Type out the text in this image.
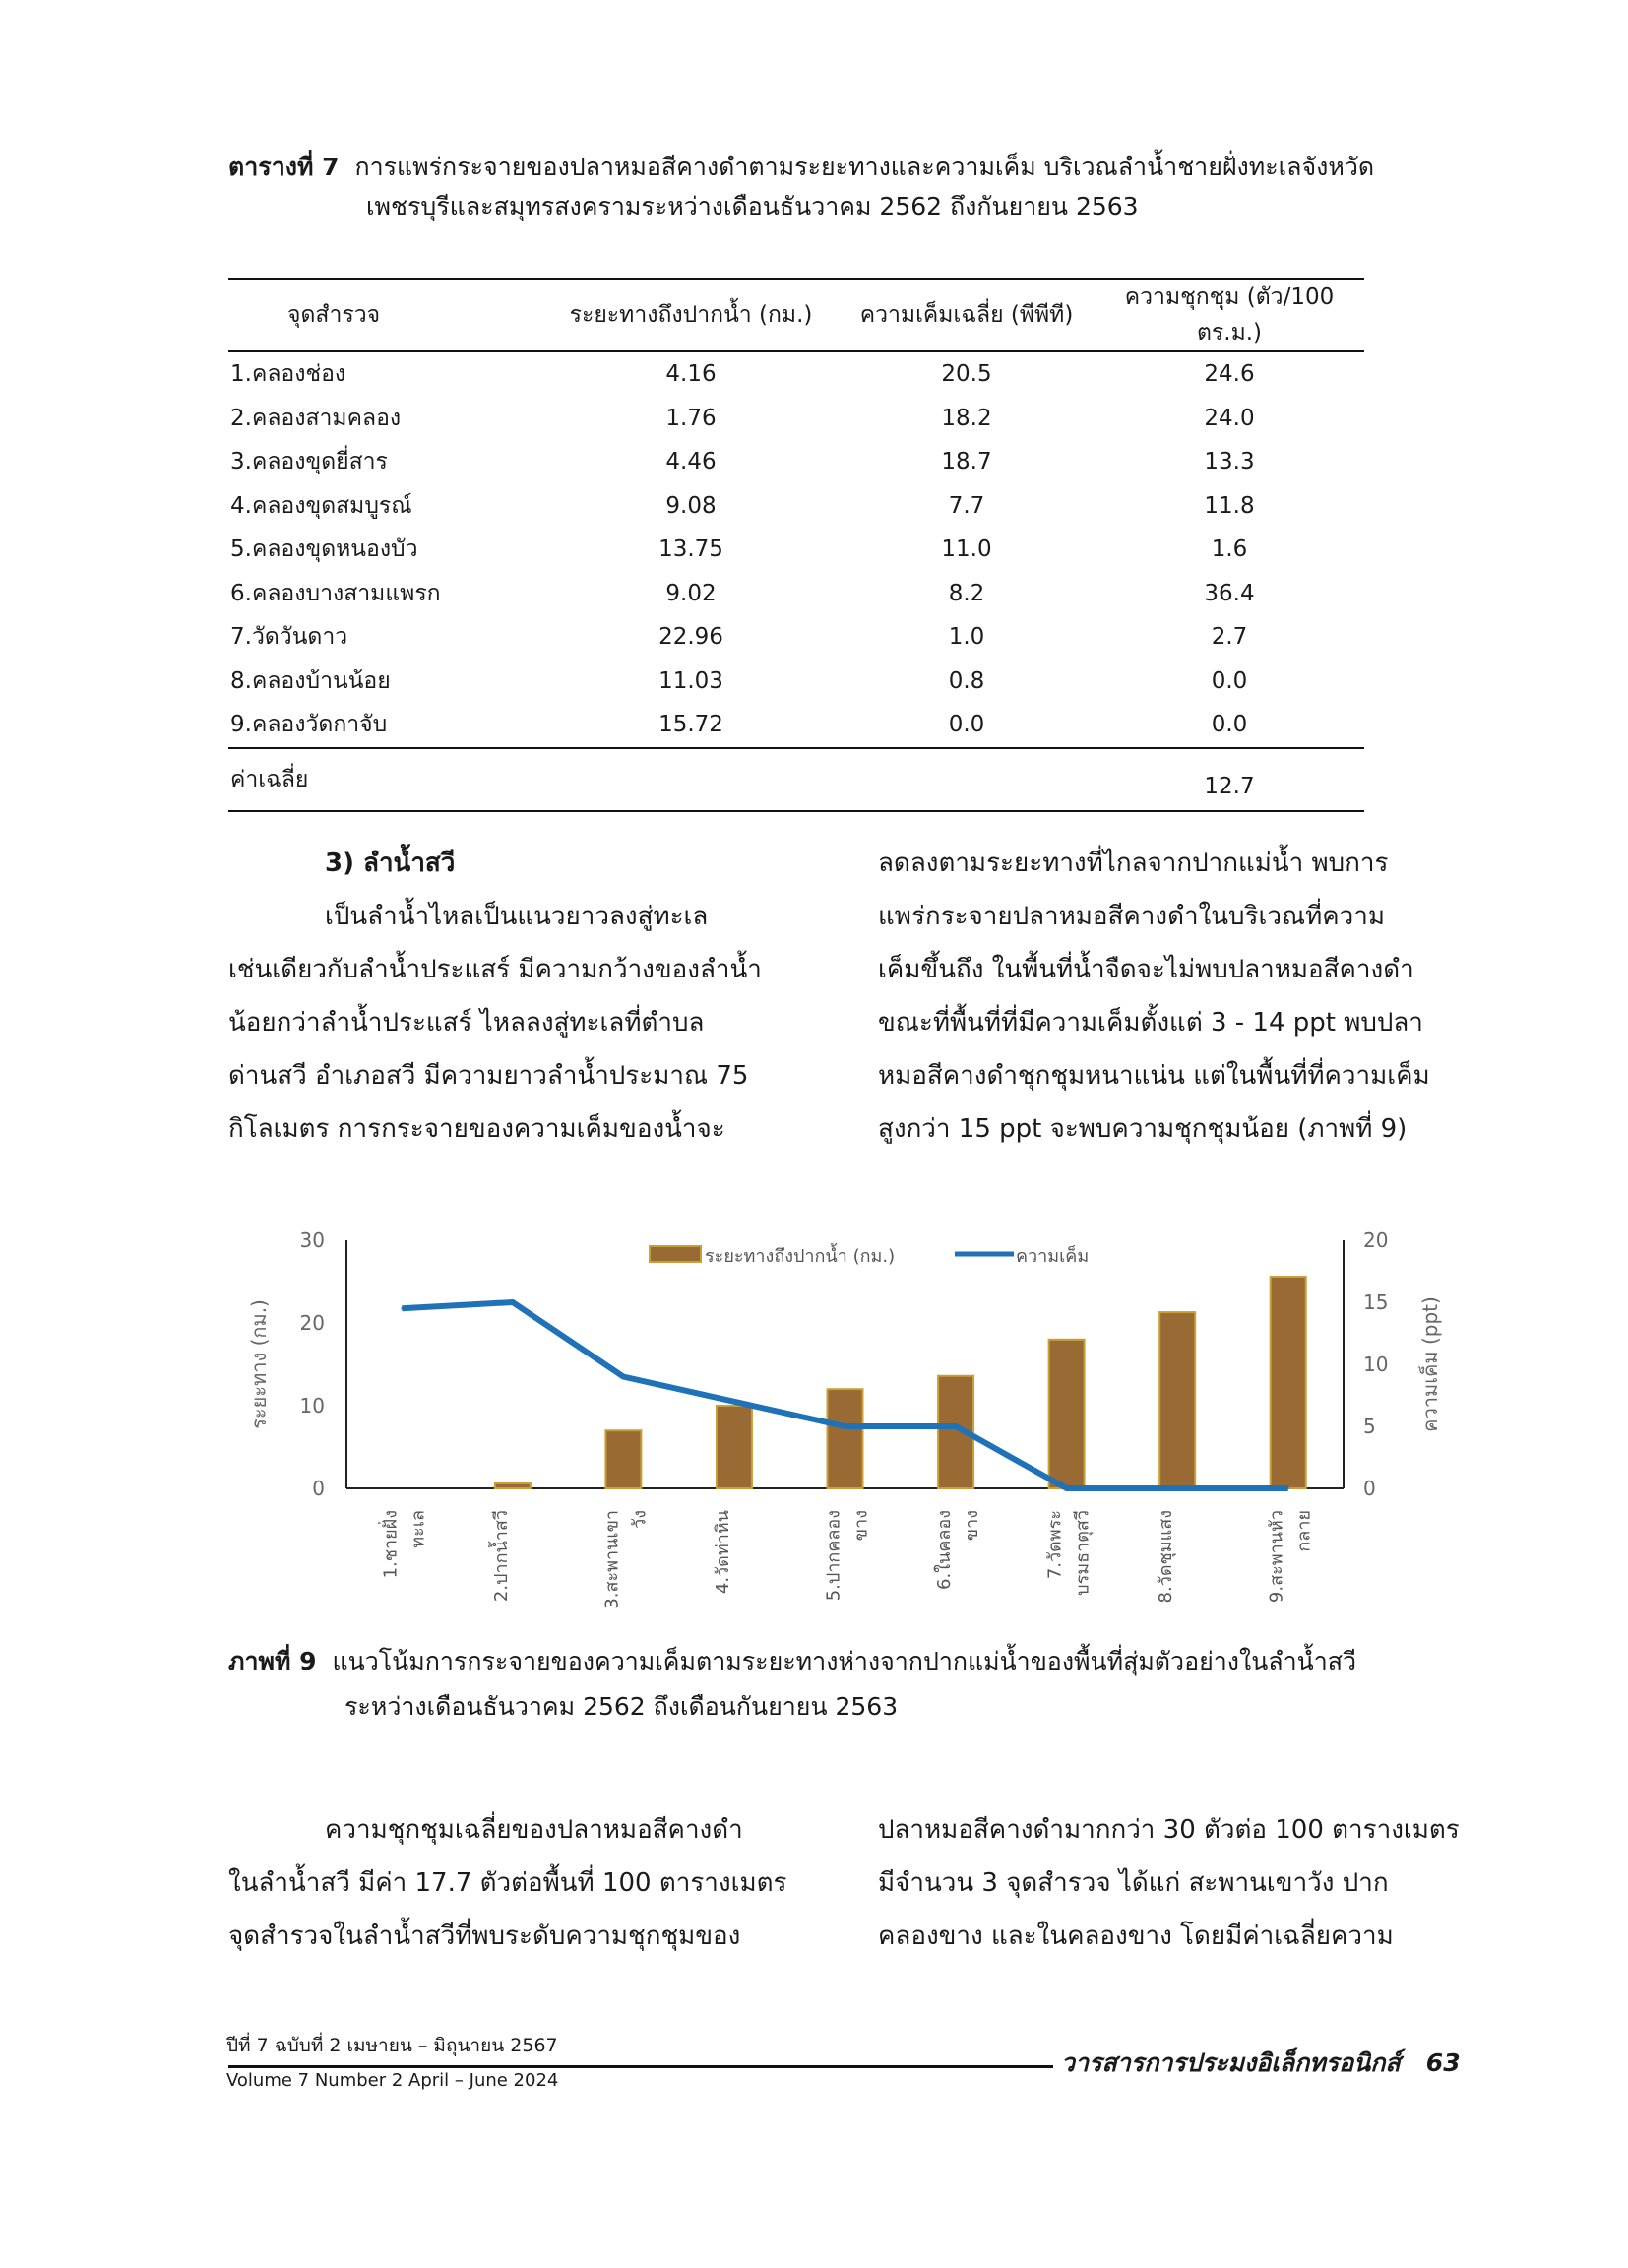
ตารางที่ 7 การแพร่กระจายของปลาหมอสีคางดำตามระยะทางและความเค็ม บริเวณลำน้ำชายฝั่งทะเลจังหวัด
เพชรบุรีและสมุทรสงครามระหว่างเดือนธันวาคม 2562 ถึงกันยายน 2563
จุดสำรวจ	ระยะทางถึงปากน้ำ (กม.)	ความเค็มเฉลี่ย (พีพีที)	ความชุกชุม (ตัว/100 ตร.ม.)
1.คลองช่อง	4.16	20.5	24.6
2.คลองสามคลอง	1.76	18.2	24.0
3.คลองขุดยี่สาร	4.46	18.7	13.3
4.คลองขุดสมบูรณ์	9.08	7.7	11.8
5.คลองขุดหนองบัว	13.75	11.0	1.6
6.คลองบางสามแพรก	9.02	8.2	36.4
7.วัดวันดาว	22.96	1.0	2.7
8.คลองบ้านน้อย	11.03	0.8	0.0
9.คลองวัดกาจับ	15.72	0.0	0.0
ค่าเฉลี่ย			12.7
3) ลำน้ำสวี

เป็นลำน้ำไหลเป็นแนวยาวลงสู่ทะเล

เช่นเดียวกับลำน้ำประแสร์ มีความกว้างของลำน้ำ

น้อยกว่าลำน้ำประแสร์ ไหลลงสู่ทะเลที่ตำบล

ด่านสวี อำเภอสวี มีความยาวลำน้ำประมาณ 75

กิโลเมตร การกระจายของความเค็มของน้ำจะ

ลดลงตามระยะทางที่ไกลจากปากแม่น้ำ พบการ

แพร่กระจายปลาหมอสีคางดำในบริเวณที่ความ

เค็มขึ้นถึง ในพื้นที่น้ำจืดจะไม่พบปลาหมอสีคางดำ

ขณะที่พื้นที่ที่มีความเค็มตั้งแต่ 3 - 14 ppt พบปลา

หมอสีคางดำชุกชุมหนาแน่น แต่ในพื้นที่ที่ความเค็ม

สูงกว่า 15 ppt จะพบความชุกชุมน้อย (ภาพที่ 9)

0
10
20
30
0
5
10
15
20
ระยะทาง (กม.)	ความเค็ม (ppt)
ระยะทางถึงปากน้ำ (กม.)	ความเค็ม
1.ชายฝั่ง ทะเล	2.ปากน้ำสวี	3.สะพานเขา วัง	4.วัดท่าหิน	5.ปากคลอง ขาง	6.ในคลอง ขาง	7.วัดพระ บรมธาตุสวี	8.วัดชุมแสง	9.สะพานหัว กลาย
ภาพที่ 9 แนวโน้มการกระจายของความเค็มตามระยะทางห่างจากปากแม่น้ำของพื้นที่สุ่มตัวอย่างในลำน้ำสวี
ระหว่างเดือนธันวาคม 2562 ถึงเดือนกันยายน 2563

ความชุกชุมเฉลี่ยของปลาหมอสีคางดำ

ในลำน้ำสวี มีค่า 17.7 ตัวต่อพื้นที่ 100 ตารางเมตร

จุดสำรวจในลำน้ำสวีที่พบระดับความชุกชุมของ

ปลาหมอสีคางดำมากกว่า 30 ตัวต่อ 100 ตารางเมตร

มีจำนวน 3 จุดสำรวจ ได้แก่ สะพานเขาวัง ปาก

คลองขาง และในคลองขาง โดยมีค่าเฉลี่ยความ

ปีที่ 7 ฉบับที่ 2 เมษายน – มิถุนายน 2567
Volume 7 Number 2 April – June 2024
วารสารการประมงอิเล็กทรอนิกส์ 63
